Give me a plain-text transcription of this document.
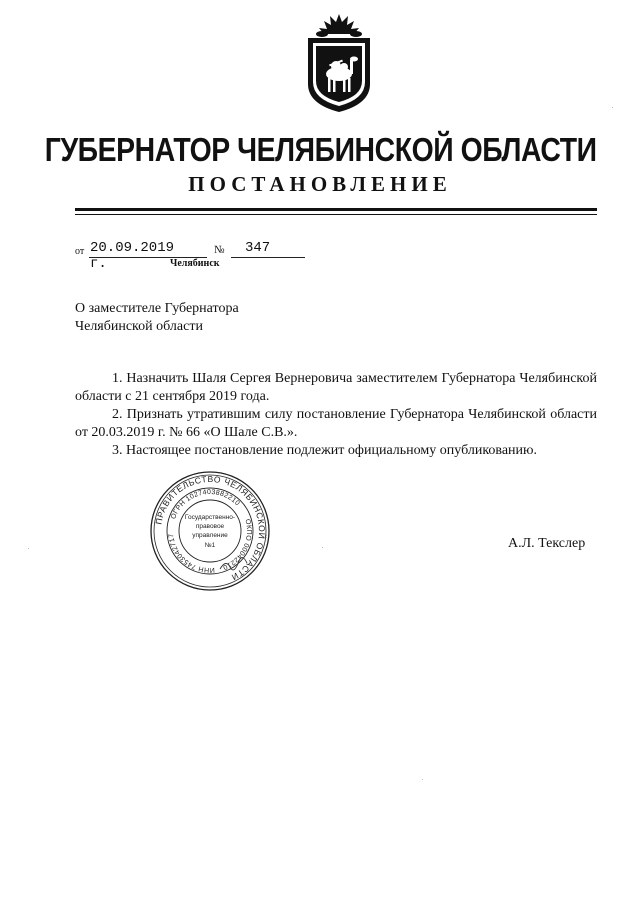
ГУБЕРНАТОР ЧЕЛЯБИНСКОЙ ОБЛАСТИ
ПОСТАНОВЛЕНИЕ
от 20.09.2019 г.
№ 347
Челябинск
О заместителе Губернатора
Челябинской области

1. Назначить Шаля Сергея Вернеровича заместителем Губернатора Челябинской области с 21 сентября 2019 года.

2. Признать утратившим силу постановление Губернатора Челябинской области от 20.03.2019 г. № 66 «О Шале С.В.».

3. Настоящее постановление подлежит официальному опубликованию.

ПРАВИТЕЛЬСТВО ЧЕЛЯБИНСКОЙ ОБЛАСТИ
ОГРН 1027403882210
ОКПО 00042210
ИНН 7453042717
Государственно-
правовое
управление
№1	А.Л. Текслер
